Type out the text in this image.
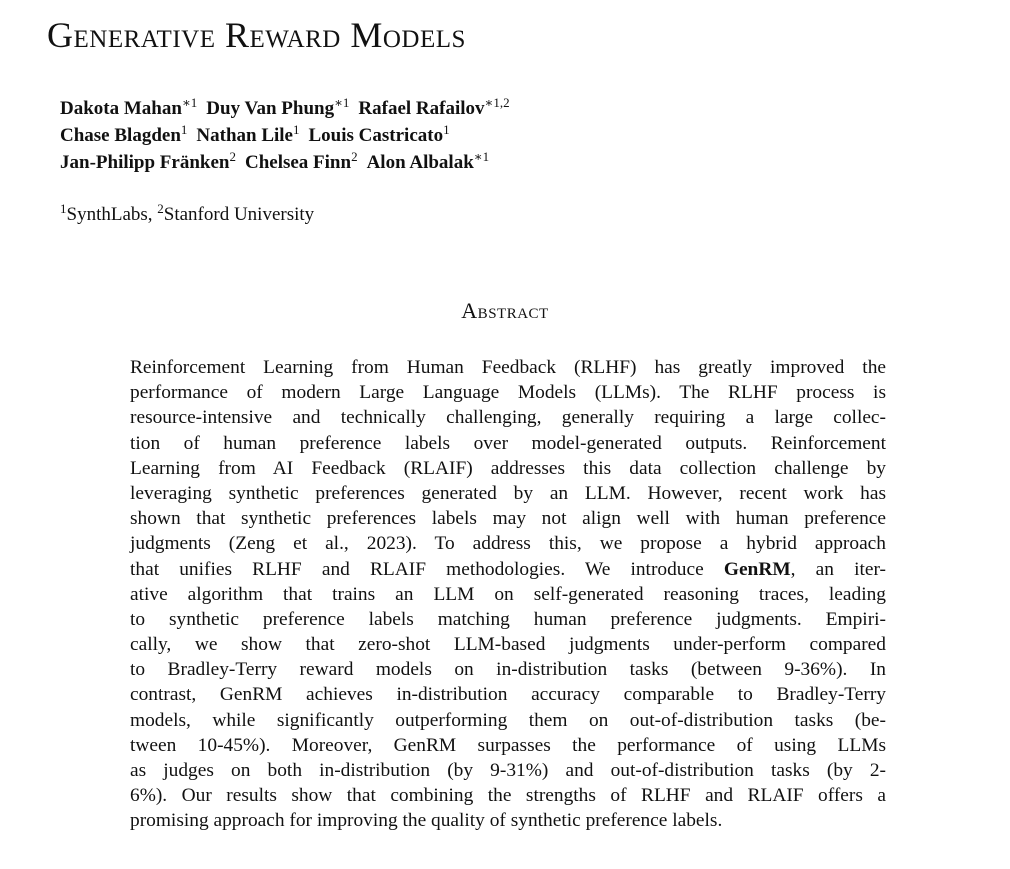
Generative Reward Models
Dakota Mahan$^{∗1}$ Duy Van Phung$^{∗1}$ Rafael Rafailov$^{∗1,2}$
Chase Blagden$^1$ Nathan Lile$^1$ Louis Castricato$^1$
Jan-Philipp Fränken$^2$ Chelsea Finn$^2$ Alon Albalak$^{∗1}$
$^1$SynthLabs, $^2$Stanford University
Abstract
Reinforcement Learning from Human Feedback (RLHF) has greatly improved the
performance of modern Large Language Models (LLMs). The RLHF process is
resource-intensive and technically challenging, generally requiring a large collec-
tion of human preference labels over model-generated outputs. Reinforcement
Learning from AI Feedback (RLAIF) addresses this data collection challenge by
leveraging synthetic preferences generated by an LLM. However, recent work has
shown that synthetic preferences labels may not align well with human preference
judgments (Zeng et al., 2023). To address this, we propose a hybrid approach
that unifies RLHF and RLAIF methodologies. We introduce GenRM, an iter-
ative algorithm that trains an LLM on self-generated reasoning traces, leading
to synthetic preference labels matching human preference judgments. Empiri-
cally, we show that zero-shot LLM-based judgments under-perform compared
to Bradley-Terry reward models on in-distribution tasks (between 9-36%). In
contrast, GenRM achieves in-distribution accuracy comparable to Bradley-Terry
models, while significantly outperforming them on out-of-distribution tasks (be-
tween 10-45%). Moreover, GenRM surpasses the performance of using LLMs
as judges on both in-distribution (by 9-31%) and out-of-distribution tasks (by 2-
6%). Our results show that combining the strengths of RLHF and RLAIF offers a
promising approach for improving the quality of synthetic preference labels.
